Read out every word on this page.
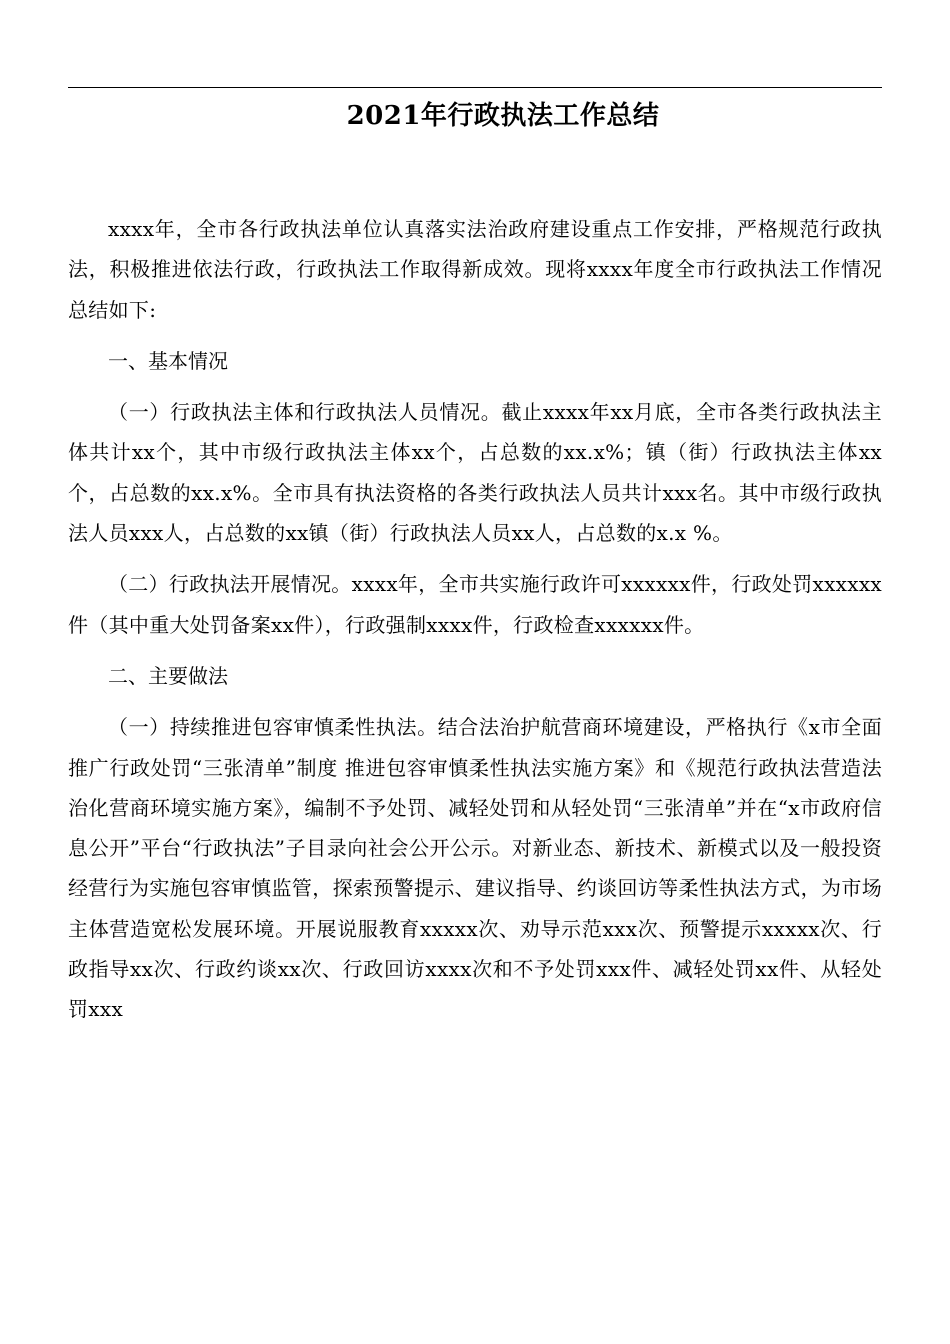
2021年行政执法工作总结

xxxx年，全市各行政执法单位认真落实法治政府建设重点工作安排，严格规范行政执法，积极推进依法行政，行政执法工作取得新成效。现将xxxx年度全市行政执法工作情况总结如下:

一、基本情况

（一）行政执法主体和行政执法人员情况。截止xxxx年xx月底，全市各类行政执法主体共计xx个，其中市级行政执法主体xx个，占总数的xx.x%；镇（街）行政执法主体xx个，占总数的xx.x%。全市具有执法资格的各类行政执法人员共计xxx名。其中市级行政执法人员xxx人，占总数的xx镇（街）行政执法人员xx人，占总数的x.x %。

（二）行政执法开展情况。xxxx年，全市共实施行政许可xxxxxx件，行政处罚xxxxxx件（其中重大处罚备案xx件），行政强制xxxx件，行政检查xxxxxx件。

二、主要做法

（一）持续推进包容审慎柔性执法。结合法治护航营商环境建设，严格执行《x市全面推广行政处罚“三张清单”制度 推进包容审慎柔性执法实施方案》和《规范行政执法营造法治化营商环境实施方案》，编制不予处罚、减轻处罚和从轻处罚“三张清单”并在“x市政府信息公开”平台“行政执法”子目录向社会公开公示。对新业态、新技术、新模式以及一般投资经营行为实施包容审慎监管，探索预警提示、建议指导、约谈回访等柔性执法方式，为市场主体营造宽松发展环境。开展说服教育xxxxx次、劝导示范xxx次、预警提示xxxxx次、行政指导xx次、行政约谈xx次、行政回访xxxx次和不予处罚xxx件、减轻处罚xx件、从轻处罚xxx
